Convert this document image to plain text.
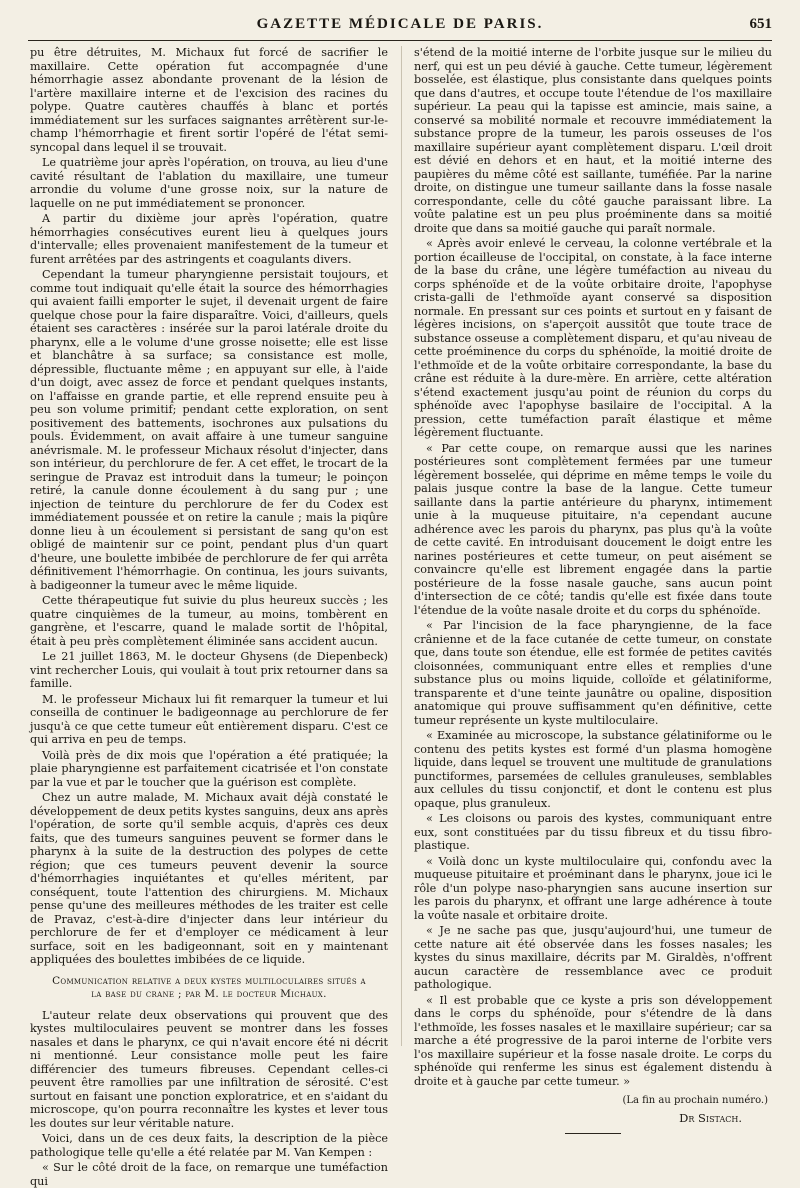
GAZETTE MÉDICALE DE PARIS.	651

pu être détruites, M. Michaux fut forcé de sacrifier le maxillaire. Cette opération fut accompagnée d'une hémorrhagie assez abondante provenant de la lésion de l'artère maxillaire interne et de l'excision des racines du polype. Quatre cautères chauffés à blanc et portés immédiatement sur les surfaces saignantes arrêtèrent sur-le-champ l'hémorrhagie et firent sortir l'opéré de l'état semi-syncopal dans lequel il se trouvait.

Le quatrième jour après l'opération, on trouva, au lieu d'une cavité résultant de l'ablation du maxillaire, une tumeur arrondie du volume d'une grosse noix, sur la nature de laquelle on ne put immédiatement se prononcer.

A partir du dixième jour après l'opération, quatre hémorrhagies consécutives eurent lieu à quelques jours d'intervalle; elles provenaient manifestement de la tumeur et furent arrêtées par des astringents et coagulants divers.

Cependant la tumeur pharyngienne persistait toujours, et comme tout indiquait qu'elle était la source des hémorrhagies qui avaient failli emporter le sujet, il devenait urgent de faire quelque chose pour la faire disparaître. Voici, d'ailleurs, quels étaient ses caractères : insérée sur la paroi latérale droite du pharynx, elle a le volume d'une grosse noisette; elle est lisse et blanchâtre à sa surface; sa consistance est molle, dépressible, fluctuante même ; en appuyant sur elle, à l'aide d'un doigt, avec assez de force et pendant quelques instants, on l'affaisse en grande partie, et elle reprend ensuite peu à peu son volume primitif; pendant cette exploration, on sent positivement des battements, isochrones aux pulsations du pouls. Évidemment, on avait affaire à une tumeur sanguine anévrismale. M. le professeur Michaux résolut d'injecter, dans son intérieur, du perchlorure de fer. A cet effet, le trocart de la seringue de Pravaz est introduit dans la tumeur; le poinçon retiré, la canule donne écoulement à du sang pur ; une injection de teinture du perchlorure de fer du Codex est immédiatement poussée et on retire la canule ; mais la piqûre donne lieu à un écoulement si persistant de sang qu'on est obligé de maintenir sur ce point, pendant plus d'un quart d'heure, une boulette imbibée de perchlorure de fer qui arrêta définitivement l'hémorrhagie. On continua, les jours suivants, à badigeonner la tumeur avec le même liquide.

Cette thérapeutique fut suivie du plus heureux succès ; les quatre cinquièmes de la tumeur, au moins, tombèrent en gangrène, et l'escarre, quand le malade sortit de l'hôpital, était à peu près complètement éliminée sans accident aucun.

Le 21 juillet 1863, M. le docteur Ghysens (de Diepenbeck) vint rechercher Louis, qui voulait à tout prix retourner dans sa famille.

M. le professeur Michaux lui fit remarquer la tumeur et lui conseilla de continuer le badigeonnage au perchlorure de fer jusqu'à ce que cette tumeur eût entièrement disparu. C'est ce qui arriva en peu de temps.

Voilà près de dix mois que l'opération a été pratiquée; la plaie pharyngienne est parfaitement cicatrisée et l'on constate par la vue et par le toucher que la guérison est complète.

Chez un autre malade, M. Michaux avait déjà constaté le développement de deux petits kystes sanguins, deux ans après l'opération, de sorte qu'il semble acquis, d'après ces deux faits, que des tumeurs sanguines peuvent se former dans le pharynx à la suite de la destruction des polypes de cette région; que ces tumeurs peuvent devenir la source d'hémorrhagies inquiétantes et qu'elles méritent, par conséquent, toute l'attention des chirurgiens. M. Michaux pense qu'une des meilleures méthodes de les traiter est celle de Pravaz, c'est-à-dire d'injecter dans leur intérieur du perchlorure de fer et d'employer ce médicament à leur surface, soit en les badigeonnant, soit en y maintenant appliquées des boulettes imbibées de ce liquide.

Communication relative a deux kystes multiloculaires situés a
la base du crane ; par M. le docteur Michaux.

L'auteur relate deux observations qui prouvent que des kystes multiloculaires peuvent se montrer dans les fosses nasales et dans le pharynx, ce qui n'avait encore été ni décrit ni mentionné. Leur consistance molle peut les faire différencier des tumeurs fibreuses. Cependant celles-ci peuvent être ramollies par une infiltration de sérosité. C'est surtout en faisant une ponction exploratrice, et en s'aidant du microscope, qu'on pourra reconnaître les kystes et lever tous les doutes sur leur véritable nature.

Voici, dans un de ces deux faits, la description de la pièce pathologique telle qu'elle a été relatée par M. Van Kempen :

« Sur le côté droit de la face, on remarque une tuméfaction qui

s'étend de la moitié interne de l'orbite jusque sur le milieu du nerf, qui est un peu dévié à gauche. Cette tumeur, légèrement bosselée, est élastique, plus consistante dans quelques points que dans d'autres, et occupe toute l'étendue de l'os maxillaire supérieur. La peau qui la tapisse est amincie, mais saine, a conservé sa mobilité normale et recouvre immédiatement la substance propre de la tumeur, les parois osseuses de l'os maxillaire supérieur ayant complètement disparu. L'œil droit est dévié en dehors et en haut, et la moitié interne des paupières du même côté est saillante, tuméfiée. Par la narine droite, on distingue une tumeur saillante dans la fosse nasale correspondante, celle du côté gauche paraissant libre. La voûte palatine est un peu plus proéminente dans sa moitié droite que dans sa moitié gauche qui paraît normale.

« Après avoir enlevé le cerveau, la colonne vertébrale et la portion écailleuse de l'occipital, on constate, à la face interne de la base du crâne, une légère tuméfaction au niveau du corps sphénoïde et de la voûte orbitaire droite, l'apophyse crista-galli de l'ethmoïde ayant conservé sa disposition normale. En pressant sur ces points et surtout en y faisant de légères incisions, on s'aperçoit aussitôt que toute trace de substance osseuse a complètement disparu, et qu'au niveau de cette proéminence du corps du sphénoïde, la moitié droite de l'ethmoïde et de la voûte orbitaire correspondante, la base du crâne est réduite à la dure-mère. En arrière, cette altération s'étend exactement jusqu'au point de réunion du corps du sphénoïde avec l'apophyse basilaire de l'occipital. A la pression, cette tuméfaction paraît élastique et même légèrement fluctuante.

« Par cette coupe, on remarque aussi que les narines postérieures sont complètement fermées par une tumeur légèrement bosselée, qui déprime en même temps le voile du palais jusque contre la base de la langue. Cette tumeur saillante dans la partie antérieure du pharynx, intimement unie à la muqueuse pituitaire, n'a cependant aucune adhérence avec les parois du pharynx, pas plus qu'à la voûte de cette cavité. En introduisant doucement le doigt entre les narines postérieures et cette tumeur, on peut aisément se convaincre qu'elle est librement engagée dans la partie postérieure de la fosse nasale gauche, sans aucun point d'intersection de ce côté; tandis qu'elle est fixée dans toute l'étendue de la voûte nasale droite et du corps du sphénoïde.

« Par l'incision de la face pharyngienne, de la face crânienne et de la face cutanée de cette tumeur, on constate que, dans toute son étendue, elle est formée de petites cavités cloisonnées, communiquant entre elles et remplies d'une substance plus ou moins liquide, colloïde et gélatiniforme, transparente et d'une teinte jaunâtre ou opaline, disposition anatomique qui prouve suffisamment qu'en définitive, cette tumeur représente un kyste multiloculaire.

« Examinée au microscope, la substance gélatiniforme ou le contenu des petits kystes est formé d'un plasma homogène liquide, dans lequel se trouvent une multitude de granulations punctiformes, parsemées de cellules granuleuses, semblables aux cellules du tissu conjonctif, et dont le contenu est plus opaque, plus granuleux.

« Les cloisons ou parois des kystes, communiquant entre eux, sont constituées par du tissu fibreux et du tissu fibro-plastique.

« Voilà donc un kyste multiloculaire qui, confondu avec la muqueuse pituitaire et proéminant dans le pharynx, joue ici le rôle d'un polype naso-pharyngien sans aucune insertion sur les parois du pharynx, et offrant une large adhérence à toute la voûte nasale et orbitaire droite.

« Je ne sache pas que, jusqu'aujourd'hui, une tumeur de cette nature ait été observée dans les fosses nasales; les kystes du sinus maxillaire, décrits par M. Giraldès, n'offrent aucun caractère de ressemblance avec ce produit pathologique.

« Il est probable que ce kyste a pris son développement dans le corps du sphénoïde, pour s'étendre de là dans l'ethmoïde, les fosses nasales et le maxillaire supérieur; car sa marche a été progressive de la paroi interne de l'orbite vers l'os maxillaire supérieur et la fosse nasale droite. Le corps du sphénoïde qui renferme les sinus est également distendu à droite et à gauche par cette tumeur. »

(La fin au prochain numéro.)
Dr Sistach.
